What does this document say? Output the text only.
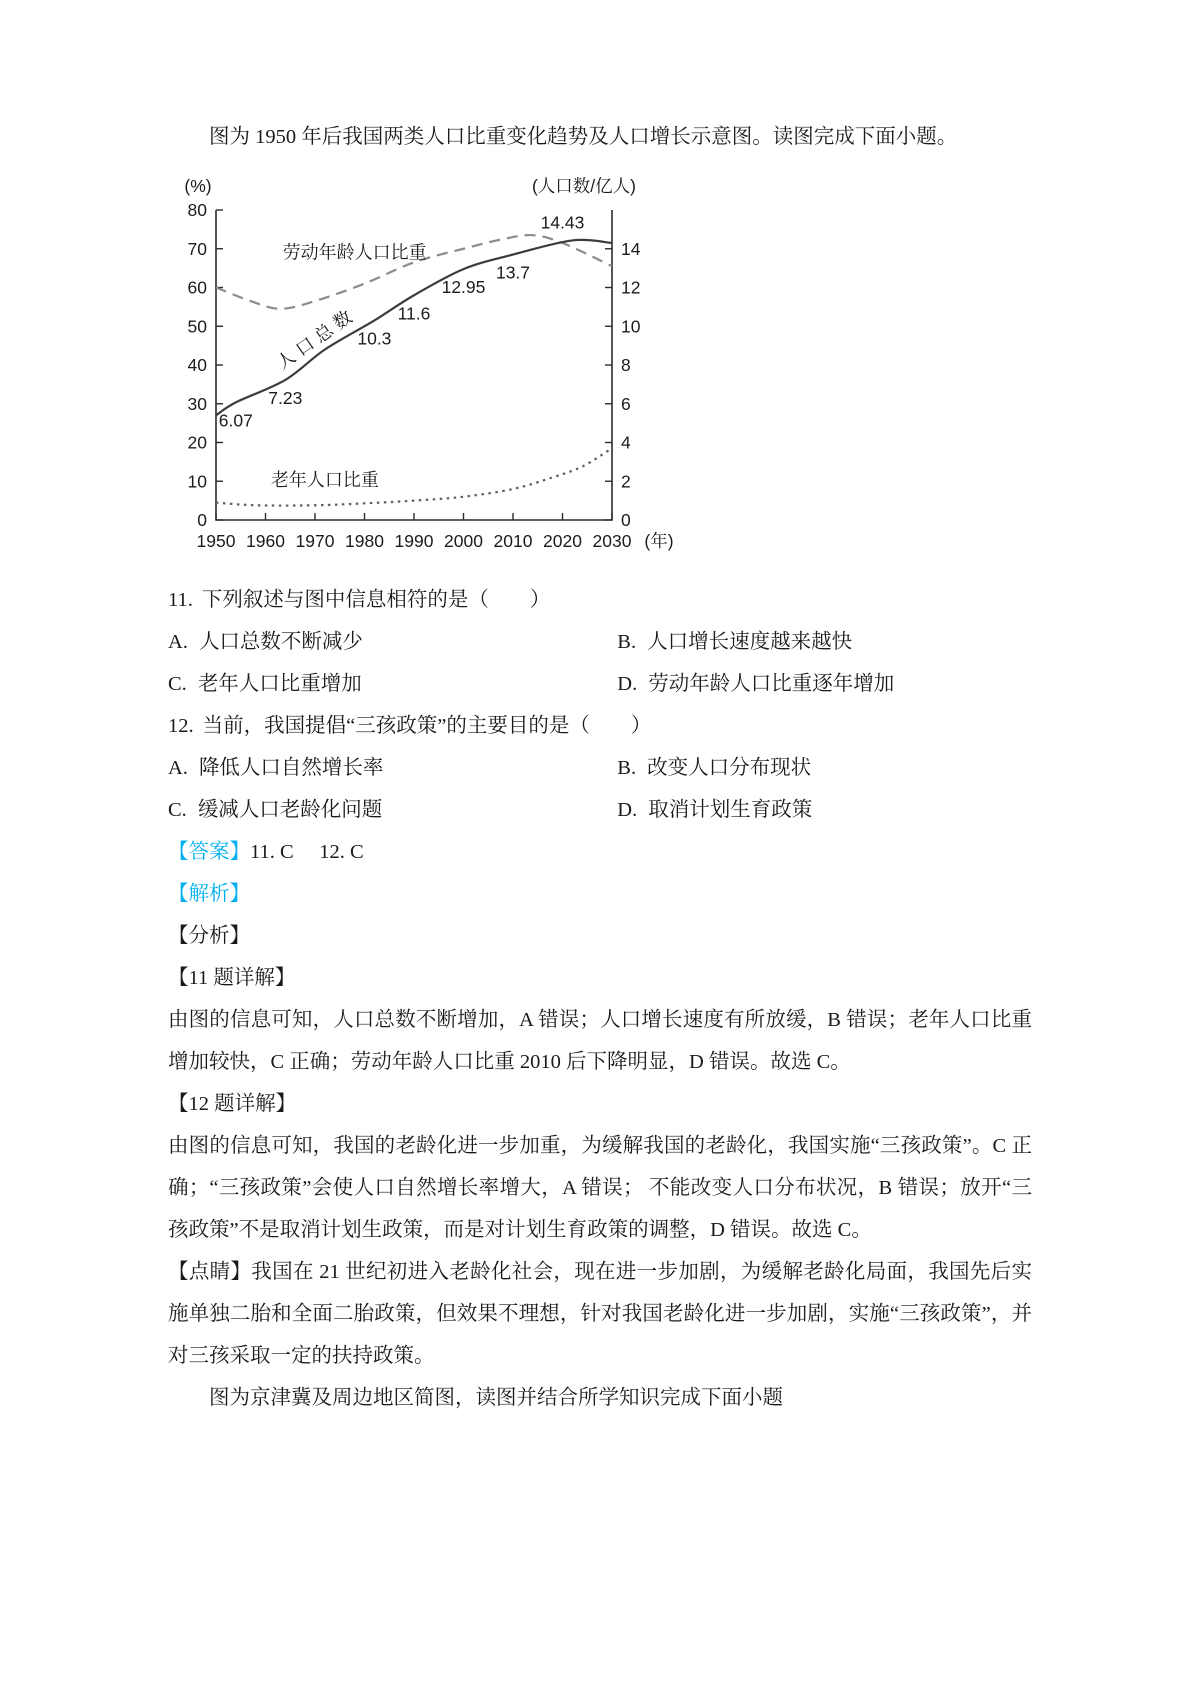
图为 1950 年后我国两类人口比重变化趋势及人口增长示意图。读图完成下面小题。

0
10
20
30
40
50
60
70
80
0
2
4
6
8
10
12
14
1950 1960 1970 1980 1990 2000 2010 2020 2030 (年)
(%)	(人口数/亿人)
劳动年龄人口比重
人口总数
6.07
7.23
10.3
11.6
12.95
13.7
14.43
老年人口比重

11. 下列叙述与图中信息相符的是（　　）

A. 人口总数不断减少	B. 人口增长速度越来越快
C. 老年人口比重增加	D. 劳动年龄人口比重逐年增加

12. 当前，我国提倡“三孩政策”的主要目的是（　　）

A. 降低人口自然增长率	B. 改变人口分布现状
C. 缓减人口老龄化问题	D. 取消计划生育政策

【答案】11. C　 12. C

【解析】

【分析】

【11 题详解】

由图的信息可知，人口总数不断增加，A 错误；人口增长速度有所放缓，B 错误；老年人口比重增加较快，C 正确；劳动年龄人口比重 2010 后下降明显，D 错误。故选 C。

【12 题详解】

由图的信息可知，我国的老龄化进一步加重，为缓解我国的老龄化，我国实施“三孩政策”。C 正确；“三孩政策”会使人口自然增长率增大，A 错误； 不能改变人口分布状况，B 错误；放开“三孩政策”不是取消计划生政策，而是对计划生育政策的调整，D 错误。故选 C。

【点睛】我国在 21 世纪初进入老龄化社会，现在进一步加剧，为缓解老龄化局面，我国先后实施单独二胎和全面二胎政策，但效果不理想，针对我国老龄化进一步加剧，实施“三孩政策”，并对三孩采取一定的扶持政策。

图为京津冀及周边地区简图，读图并结合所学知识完成下面小题
